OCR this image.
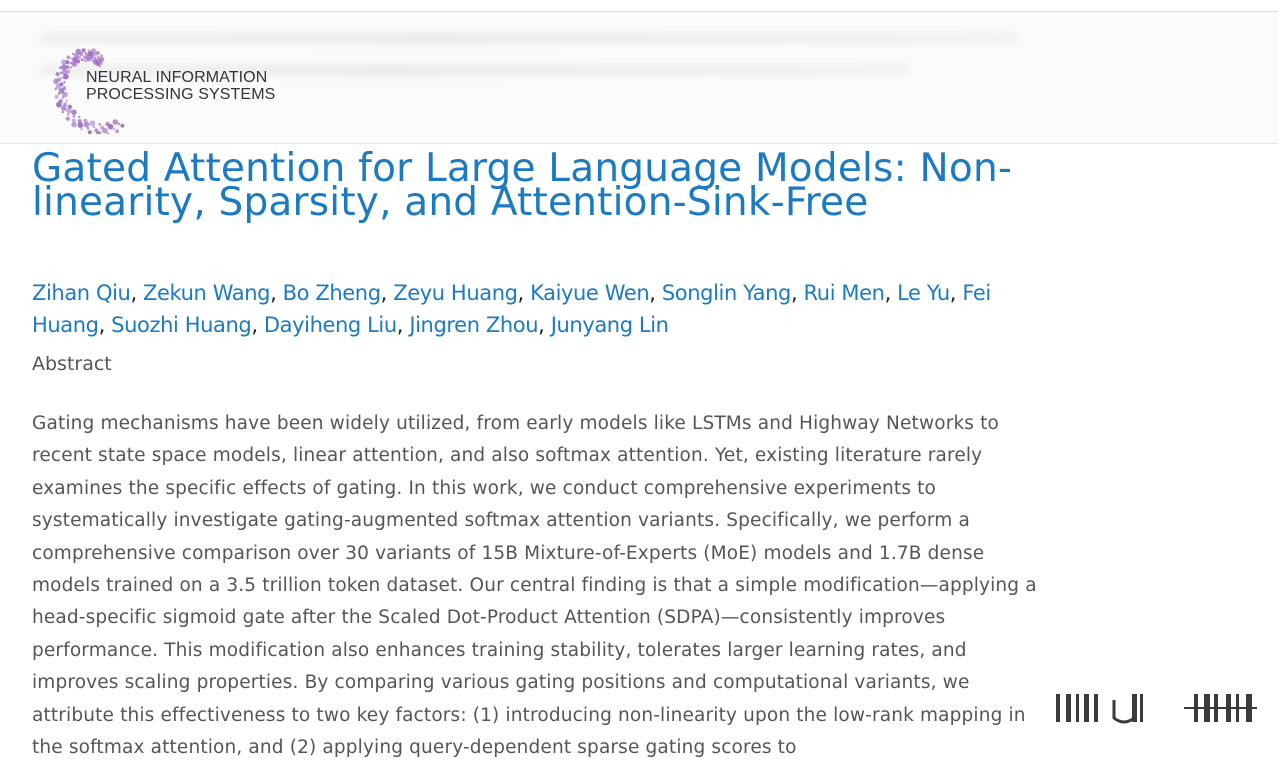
NEURAL INFORMATION
PROCESSING SYSTEMS
Gated Attention for Large Language Models: Non-linearity, Sparsity, and Attention-Sink-Free
Zihan Qiu, Zekun Wang, Bo Zheng, Zeyu Huang, Kaiyue Wen, Songlin Yang, Rui Men, Le Yu, Fei Huang, Suozhi Huang, Dayiheng Liu, Jingren Zhou, Junyang Lin
Abstract

Gating mechanisms have been widely utilized, from early models like LSTMs and Highway Networks to recent state space models, linear attention, and also softmax attention. Yet, existing literature rarely examines the specific effects of gating. In this work, we conduct comprehensive experiments to systematically investigate gating-augmented softmax attention variants. Specifically, we perform a comprehensive comparison over 30 variants of 15B Mixture-of-Experts (MoE) models and 1.7B dense models trained on a 3.5 trillion token dataset. Our central finding is that a simple modification—applying a head-specific sigmoid gate after the Scaled Dot-Product Attention (SDPA)—consistently improves performance. This modification also enhances training stability, tolerates larger learning rates, and improves scaling properties. By comparing various gating positions and computational variants, we attribute this effectiveness to two key factors: (1) introducing non-linearity upon the low-rank mapping in the softmax attention, and (2) applying query-dependent sparse gating scores to
